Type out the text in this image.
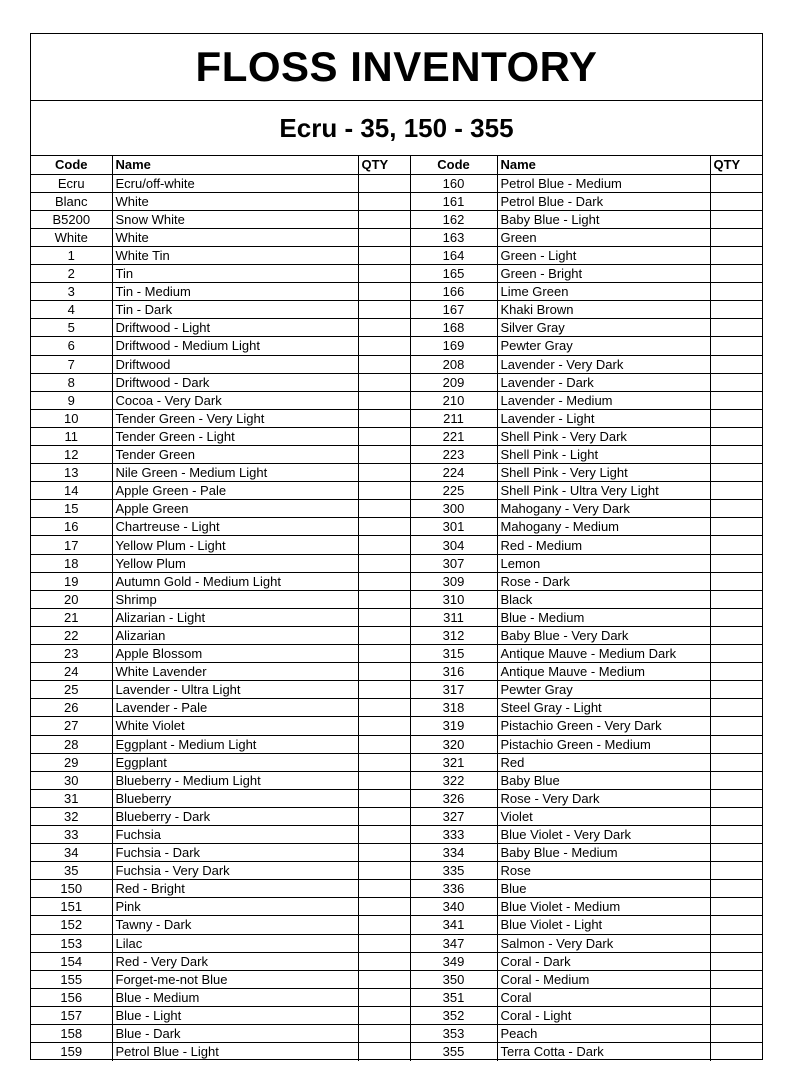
FLOSS INVENTORY
Ecru - 35, 150 - 355
Code	Name	QTY	Code	Name	QTY
Ecru	Ecru/off-white		160	Petrol Blue - Medium	
Blanc	White		161	Petrol Blue - Dark	
B5200	Snow White		162	Baby Blue - Light	
White	White		163	Green	
1	White Tin		164	Green - Light	
2	Tin		165	Green - Bright	
3	Tin - Medium		166	Lime Green	
4	Tin - Dark		167	Khaki Brown	
5	Driftwood - Light		168	Silver Gray	
6	Driftwood - Medium Light		169	Pewter Gray	
7	Driftwood		208	Lavender - Very Dark	
8	Driftwood - Dark		209	Lavender - Dark	
9	Cocoa - Very Dark		210	Lavender - Medium	
10	Tender Green - Very Light		211	Lavender - Light	
11	Tender Green - Light		221	Shell Pink - Very Dark	
12	Tender Green		223	Shell Pink - Light	
13	Nile Green - Medium Light		224	Shell Pink - Very Light	
14	Apple Green - Pale		225	Shell Pink - Ultra Very Light	
15	Apple Green		300	Mahogany - Very Dark	
16	Chartreuse - Light		301	Mahogany - Medium	
17	Yellow Plum - Light		304	Red - Medium	
18	Yellow Plum		307	Lemon	
19	Autumn Gold - Medium Light		309	Rose - Dark	
20	Shrimp		310	Black	
21	Alizarian - Light		311	Blue - Medium	
22	Alizarian		312	Baby Blue - Very Dark	
23	Apple Blossom		315	Antique Mauve - Medium Dark	
24	White Lavender		316	Antique Mauve - Medium	
25	Lavender - Ultra Light		317	Pewter Gray	
26	Lavender - Pale		318	Steel Gray - Light	
27	White Violet		319	Pistachio Green - Very Dark	
28	Eggplant - Medium Light		320	Pistachio Green - Medium	
29	Eggplant		321	Red	
30	Blueberry - Medium Light		322	Baby Blue	
31	Blueberry		326	Rose - Very Dark	
32	Blueberry - Dark		327	Violet	
33	Fuchsia		333	Blue Violet - Very Dark	
34	Fuchsia - Dark		334	Baby Blue - Medium	
35	Fuchsia - Very Dark		335	Rose	
150	Red - Bright		336	Blue	
151	Pink		340	Blue Violet - Medium	
152	Tawny - Dark		341	Blue Violet - Light	
153	Lilac		347	Salmon - Very Dark	
154	Red - Very Dark		349	Coral - Dark	
155	Forget-me-not Blue		350	Coral - Medium	
156	Blue - Medium		351	Coral	
157	Blue - Light		352	Coral - Light	
158	Blue - Dark		353	Peach	
159	Petrol Blue - Light		355	Terra Cotta - Dark	
